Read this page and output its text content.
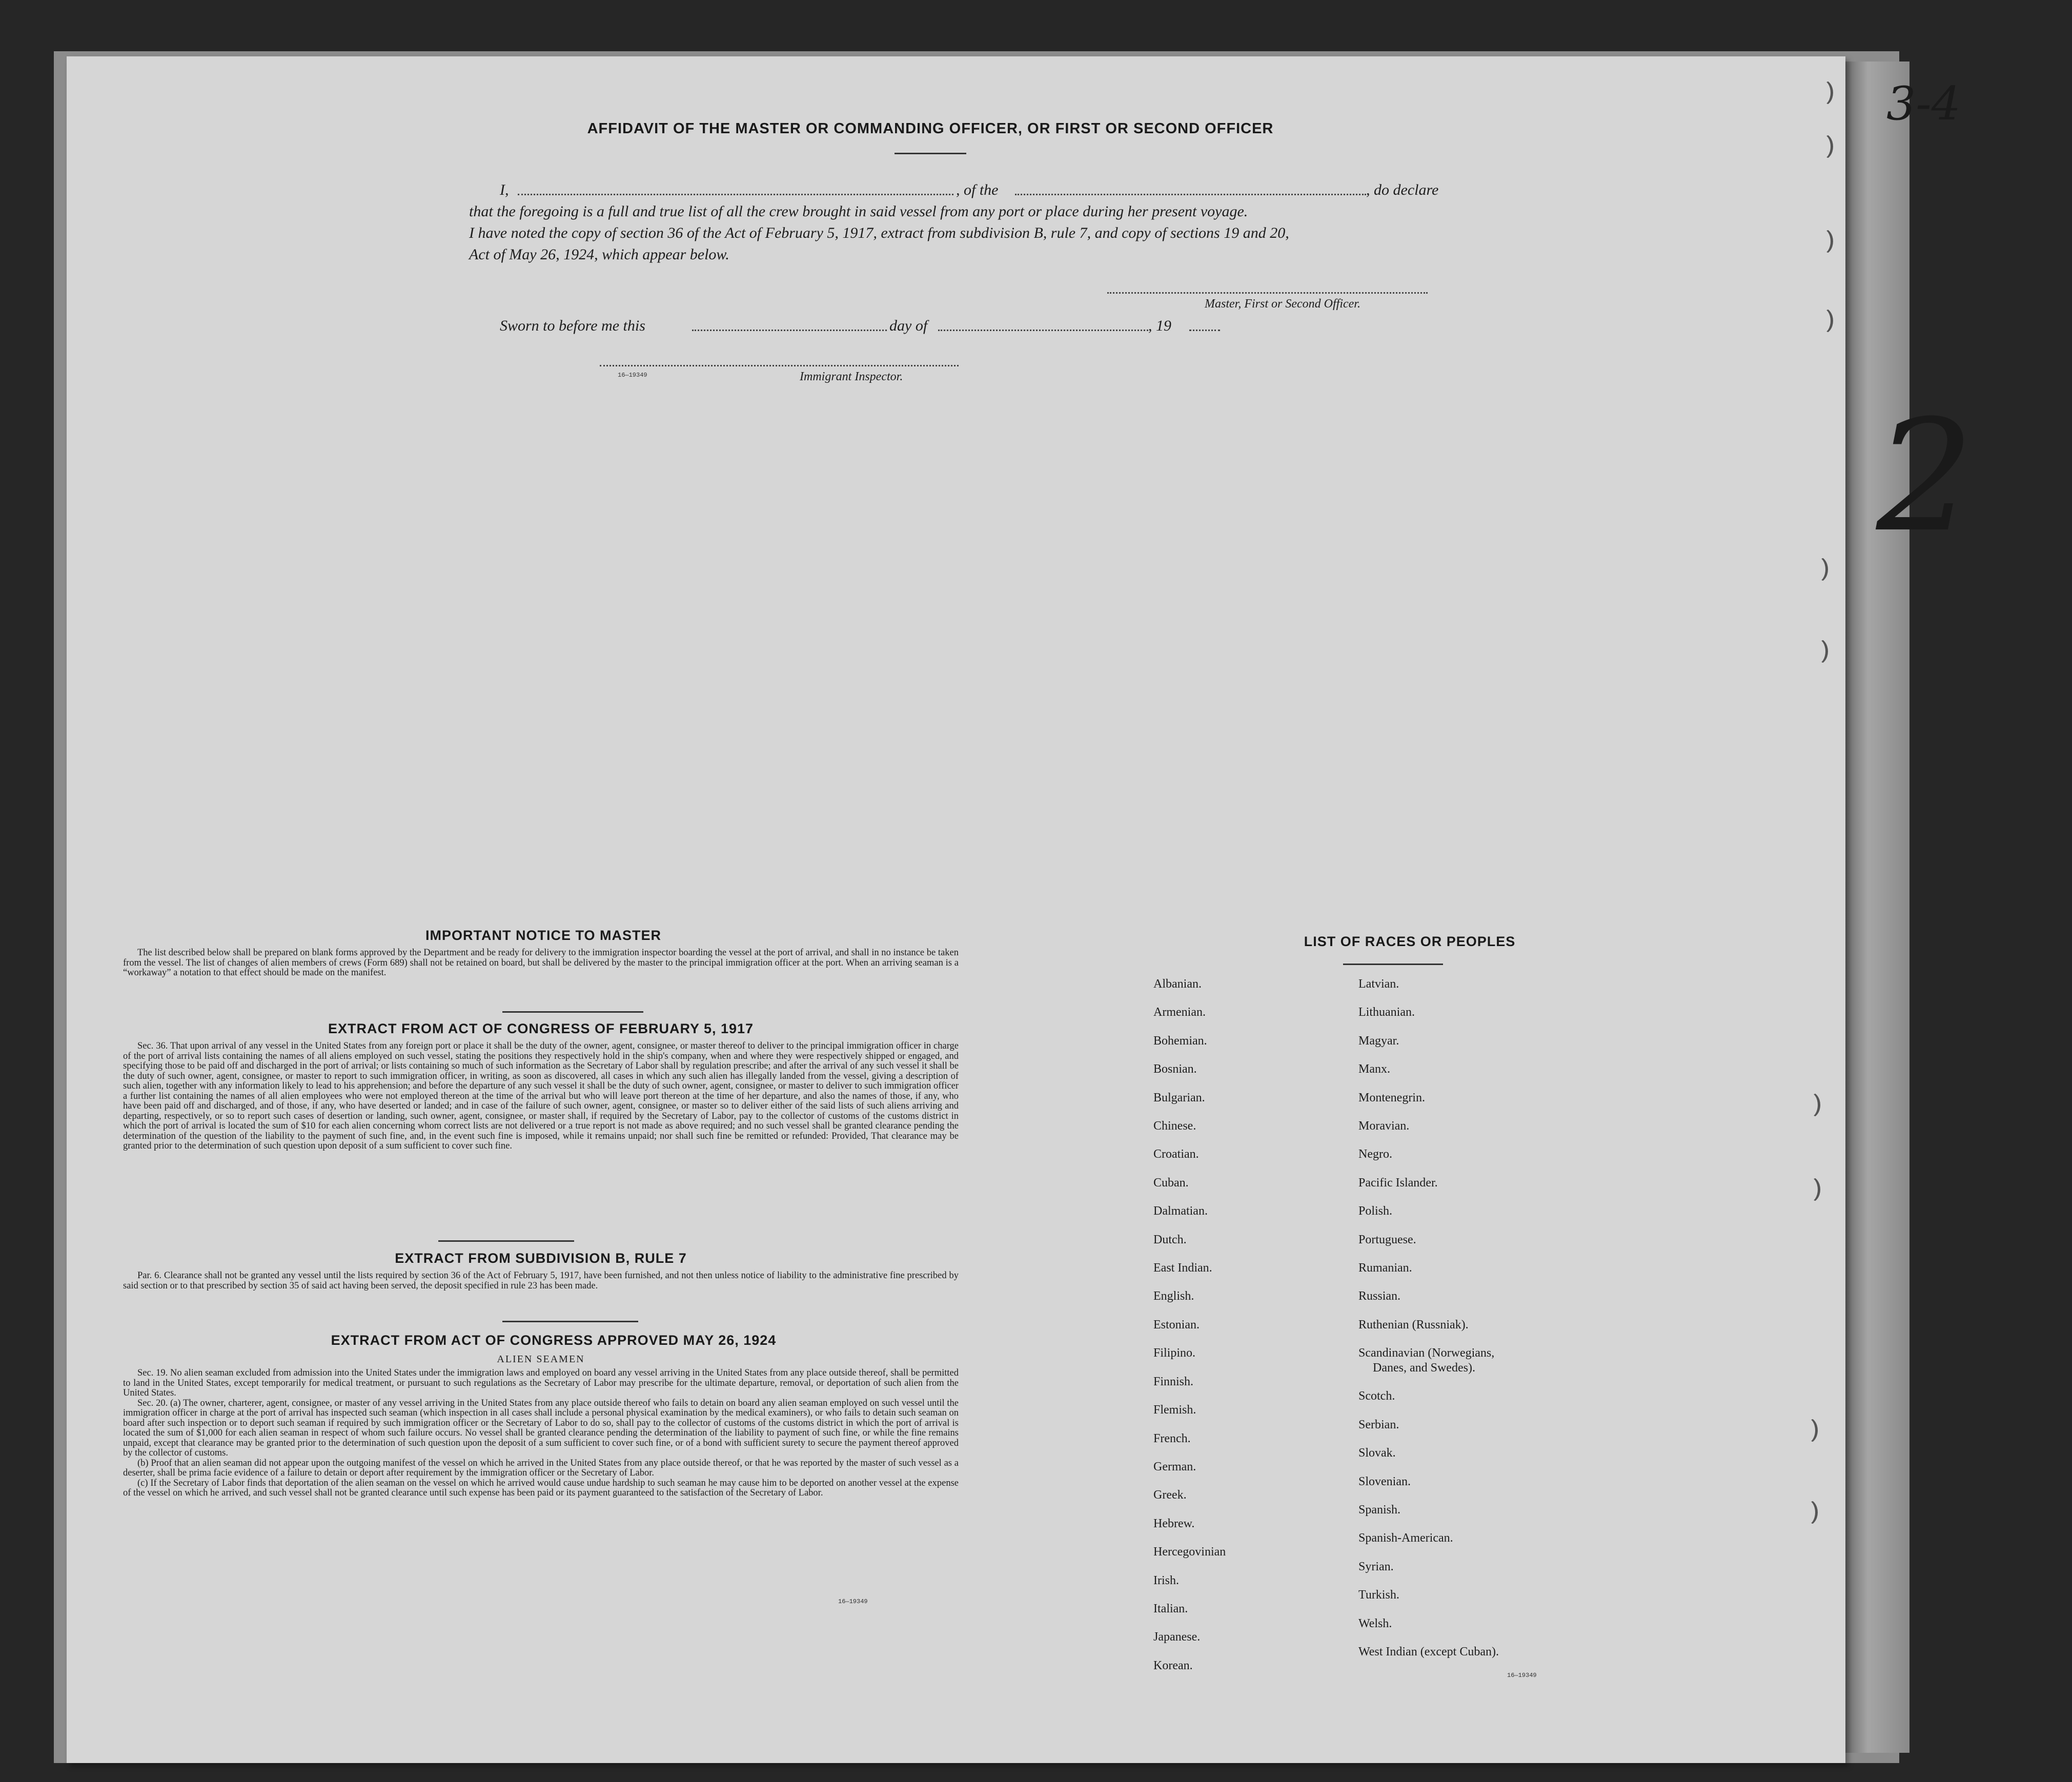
3-4
2
AFFIDAVIT OF THE MASTER OR COMMANDING OFFICER, OR FIRST OR SECOND OFFICER
I,	, of the	, do declare
that the foregoing is a full and true list of all the crew brought in said vessel from any port or place during her present voyage.
I have noted the copy of section 36 of the Act of February 5, 1917, extract from subdivision B, rule 7, and copy of sections 19 and 20,
Act of May 26, 1924, which appear below.
Master, First or Second Officer.
Sworn to before me this	day of	, 19
16—19349	Immigrant Inspector.
IMPORTANT NOTICE TO MASTER

The list described below shall be prepared on blank forms approved by the Department and be ready for delivery to the immigration inspector boarding the vessel at the port of arrival, and shall in no instance be taken from the vessel. The list of changes of alien members of crews (Form 689) shall not be retained on board, but shall be delivered by the master to the principal immigration officer at the port. When an arriving seaman is a “workaway” a notation to that effect should be made on the manifest.

EXTRACT FROM ACT OF CONGRESS OF FEBRUARY 5, 1917

Sec. 36. That upon arrival of any vessel in the United States from any foreign port or place it shall be the duty of the owner, agent, consignee, or master thereof to deliver to the principal immigration officer in charge of the port of arrival lists containing the names of all aliens employed on such vessel, stating the positions they respectively hold in the ship's company, when and where they were respectively shipped or engaged, and specifying those to be paid off and discharged in the port of arrival; or lists containing so much of such information as the Secretary of Labor shall by regulation prescribe; and after the arrival of any such vessel it shall be the duty of such owner, agent, consignee, or master to report to such immigration officer, in writing, as soon as discovered, all cases in which any such alien has illegally landed from the vessel, giving a description of such alien, together with any information likely to lead to his apprehension; and before the departure of any such vessel it shall be the duty of such owner, agent, consignee, or master to deliver to such immigration officer a further list containing the names of all alien employees who were not employed thereon at the time of the arrival but who will leave port thereon at the time of her departure, and also the names of those, if any, who have been paid off and discharged, and of those, if any, who have deserted or landed; and in case of the failure of such owner, agent, consignee, or master so to deliver either of the said lists of such aliens arriving and departing, respectively, or so to report such cases of desertion or landing, such owner, agent, consignee, or master shall, if required by the Secretary of Labor, pay to the collector of customs of the customs district in which the port of arrival is located the sum of $10 for each alien concerning whom correct lists are not delivered or a true report is not made as above required; and no such vessel shall be granted clearance pending the determination of the question of the liability to the payment of such fine, and, in the event such fine is imposed, while it remains unpaid; nor shall such fine be remitted or refunded: Provided, That clearance may be granted prior to the determination of such question upon deposit of a sum sufficient to cover such fine.

EXTRACT FROM SUBDIVISION B, RULE 7

Par. 6. Clearance shall not be granted any vessel until the lists required by section 36 of the Act of February 5, 1917, have been furnished, and not then unless notice of liability to the administrative fine prescribed by said section or to that prescribed by section 35 of said act having been served, the deposit specified in rule 23 has been made.

EXTRACT FROM ACT OF CONGRESS APPROVED MAY 26, 1924
ALIEN SEAMEN

Sec. 19. No alien seaman excluded from admission into the United States under the immigration laws and employed on board any vessel arriving in the United States from any place outside thereof, shall be permitted to land in the United States, except temporarily for medical treatment, or pursuant to such regulations as the Secretary of Labor may prescribe for the ultimate departure, removal, or deportation of such alien from the United States.

Sec. 20. (a) The owner, charterer, agent, consignee, or master of any vessel arriving in the United States from any place outside thereof who fails to detain on board any alien seaman employed on such vessel until the immigration officer in charge at the port of arrival has inspected such seaman (which inspection in all cases shall include a personal physical examination by the medical examiners), or who fails to detain such seaman on board after such inspection or to deport such seaman if required by such immigration officer or the Secretary of Labor to do so, shall pay to the collector of customs of the customs district in which the port of arrival is located the sum of $1,000 for each alien seaman in respect of whom such failure occurs. No vessel shall be granted clearance pending the determination of the liability to payment of such fine, or while the fine remains unpaid, except that clearance may be granted prior to the determination of such question upon the deposit of a sum sufficient to cover such fine, or of a bond with sufficient surety to secure the payment thereof approved by the collector of customs.

(b) Proof that an alien seaman did not appear upon the outgoing manifest of the vessel on which he arrived in the United States from any place outside thereof, or that he was reported by the master of such vessel as a deserter, shall be prima facie evidence of a failure to detain or deport after requirement by the immigration officer or the Secretary of Labor.

(c) If the Secretary of Labor finds that deportation of the alien seaman on the vessel on which he arrived would cause undue hardship to such seaman he may cause him to be deported on another vessel at the expense of the vessel on which he arrived, and such vessel shall not be granted clearance until such expense has been paid or its payment guaranteed to the satisfaction of the Secretary of Labor.

16—19349
LIST OF RACES OR PEOPLES
Albanian.
Armenian.
Bohemian.
Bosnian.
Bulgarian.
Chinese.
Croatian.
Cuban.
Dalmatian.
Dutch.
East Indian.
English.
Estonian.
Filipino.
Finnish.
Flemish.
French.
German.
Greek.
Hebrew.
Hercegovinian
Irish.
Italian.
Japanese.
Korean.
Latvian.
Lithuanian.
Magyar.
Manx.
Montenegrin.
Moravian.
Negro.
Pacific Islander.
Polish.
Portuguese.
Rumanian.
Russian.
Ruthenian (Russniak).
Scandinavian (Norwegians,
Danes, and Swedes).
Scotch.
Serbian.
Slovak.
Slovenian.
Spanish.
Spanish-American.
Syrian.
Turkish.
Welsh.
West Indian (except Cuban).
16—19349
